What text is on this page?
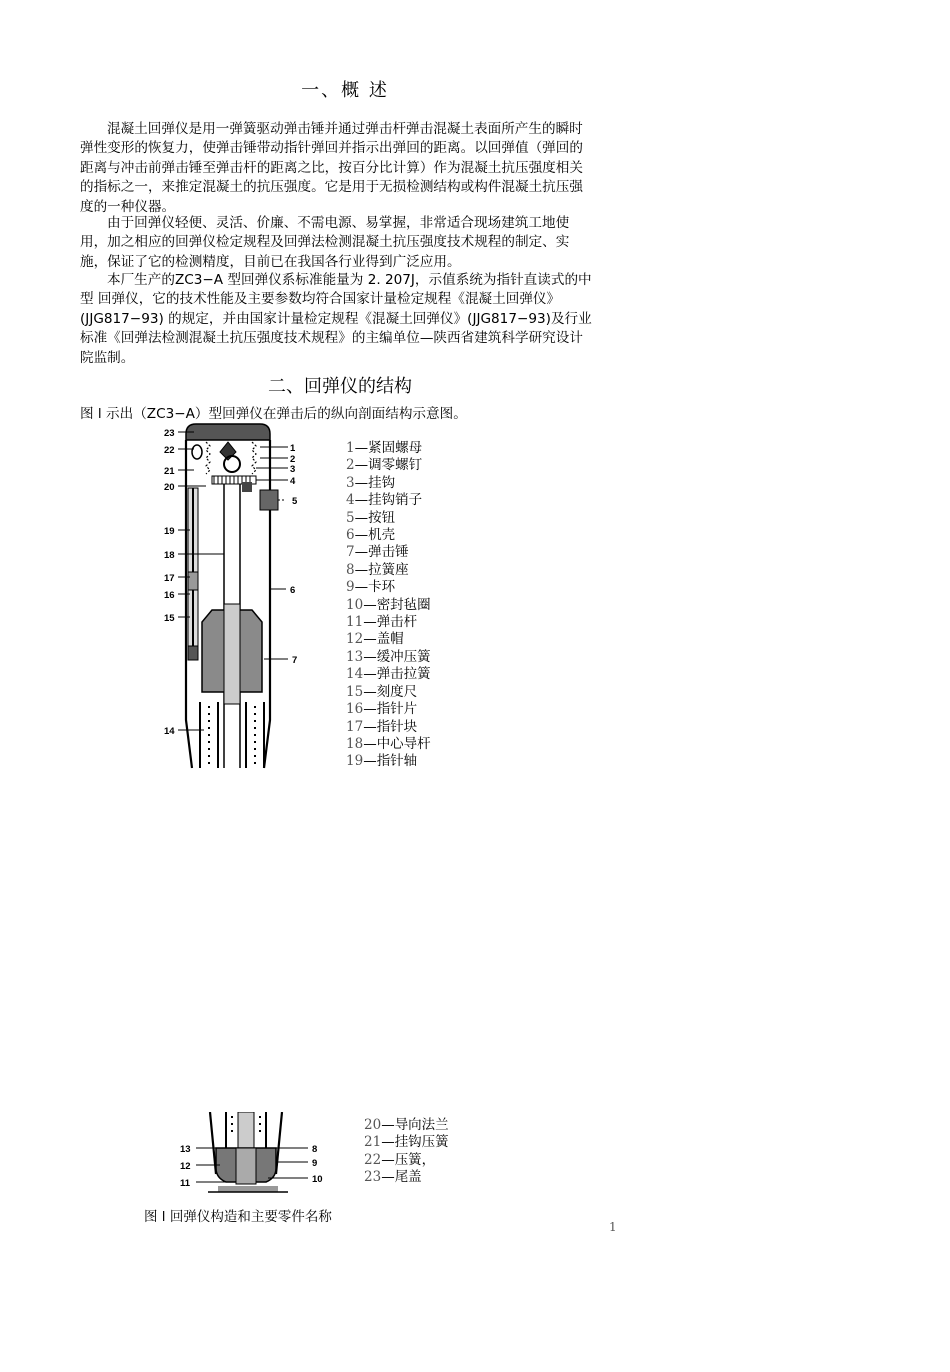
一、概 述
混凝土回弹仪是用一弹簧驱动弹击锤并通过弹击杆弹击混凝土表面所产生的瞬时弹性变形的恢复力，使弹击锤带动指针弹回并指示出弹回的距离。以回弹值（弹回的距离与冲击前弹击锤至弹击杆的距离之比，按百分比计算）作为混凝土抗压强度相关的指标之一，来推定混凝土的抗压强度。它是用于无损检测结构或构件混凝土抗压强度的一种仪器。
由于回弹仪轻便、灵活、价廉、不需电源、易掌握，非常适合现场建筑工地使用，加之相应的回弹仪检定规程及回弹法检测混凝土抗压强度技术规程的制定、实施，保证了它的检测精度，目前已在我国各行业得到广泛应用。
本厂生产的ZC3−A 型回弹仪系标准能量为 2. 207J，示值系统为指针直读式的中型 回弹仪，它的技术性能及主要参数均符合国家计量检定规程《混凝土回弹仪》(JJG817−93) 的规定，并由国家计量检定规程《混凝土回弹仪》(JJG817−93)及行业标准《回弹法检测混凝土抗压强度技术规程》的主编单位—陕西省建筑科学研究设计院监制。
二、回弹仪的结构
图 l 示出（ZC3−A）型回弹仪在弹击后的纵向剖面结构示意图。
23
22
21
20
19
18
17
16
15
14
1
2
3
4
5
6
7
1—紧固螺母
2—调零螺钉
3—挂钩
4—挂钩销子
5—按钮
6—机壳
7—弹击锤
8—拉簧座
9—卡环
10—密封毡圈
11—弹击杆
12—盖帽
13—缓冲压簧
14—弹击拉簧
15—刻度尺
16—指针片
17—指针块
18—中心导杆
19—指针轴
13
12
11
8
9
10
20—导向法兰
21—挂钩压簧
22—压簧，
23—尾盖
图 l 回弹仪构造和主要零件名称
1
